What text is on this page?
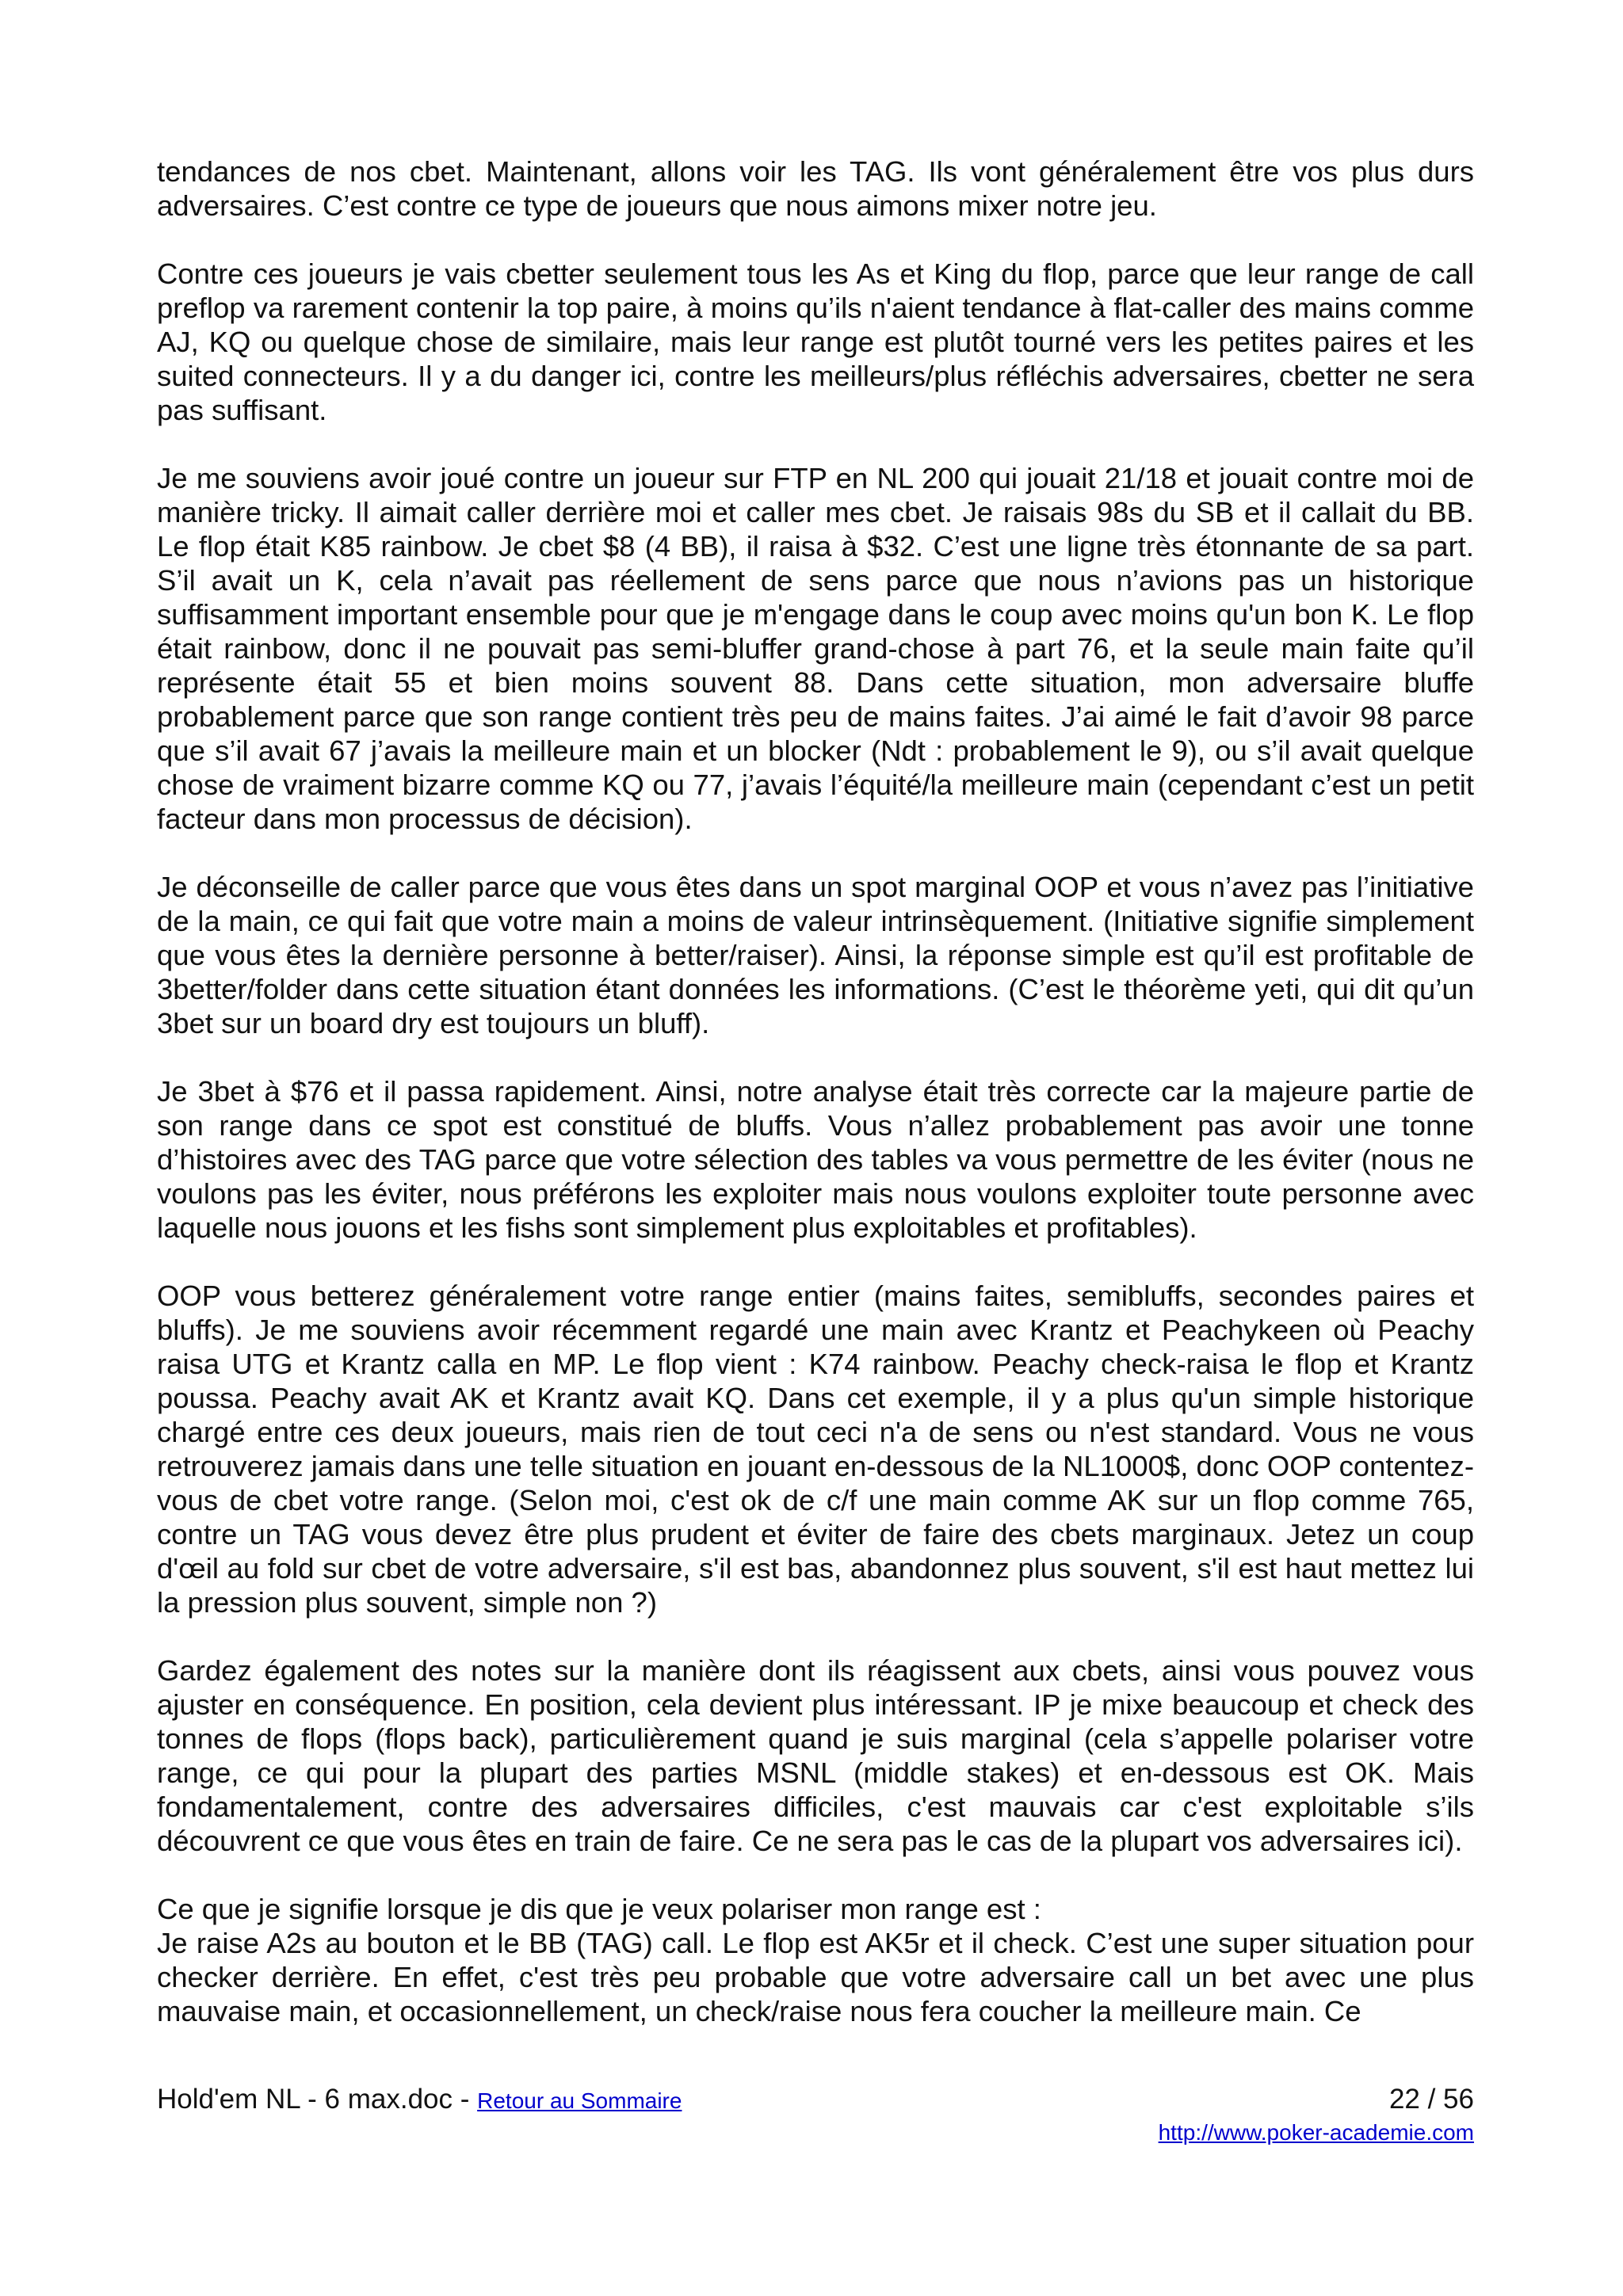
tendances de nos cbet. Maintenant, allons voir les TAG. Ils vont généralement être vos plus durs adversaires. C’est contre ce type de joueurs que nous aimons mixer notre jeu.

Contre ces joueurs je vais cbetter seulement tous les As et King du flop, parce que leur range de call preflop va rarement contenir la top paire, à moins qu’ils n'aient tendance à flat-caller des mains comme AJ, KQ ou quelque chose de similaire, mais leur range est plutôt tourné vers les petites paires et les suited connecteurs. Il y a du danger ici, contre les meilleurs/plus réfléchis adversaires, cbetter ne sera pas suffisant.

Je me souviens avoir joué contre un joueur sur FTP en NL 200 qui jouait 21/18 et jouait contre moi de manière tricky. Il aimait caller derrière moi et caller mes cbet. Je raisais 98s du SB et il callait du BB. Le flop était K85 rainbow. Je cbet $8 (4 BB), il raisa à $32. C’est une ligne très étonnante de sa part. S’il avait un K, cela n’avait pas réellement de sens parce que nous n’avions pas un historique suffisamment important ensemble pour que je m'engage dans le coup avec moins qu'un bon K. Le flop était rainbow, donc il ne pouvait pas semi-bluffer grand-chose à part 76, et la seule main faite qu’il représente était 55 et bien moins souvent 88. Dans cette situation, mon adversaire bluffe probablement parce que son range contient très peu de mains faites. J’ai aimé le fait d’avoir 98 parce que s’il avait 67 j’avais la meilleure main et un blocker (Ndt : probablement le 9), ou s’il avait quelque chose de vraiment bizarre comme KQ ou 77, j’avais l’équité/la meilleure main (cependant c’est un petit facteur dans mon processus de décision).

Je déconseille de caller parce que vous êtes dans un spot marginal OOP et vous n’avez pas l’initiative de la main, ce qui fait que votre main a moins de valeur intrinsèquement. (Initiative signifie simplement que vous êtes la dernière personne à better/raiser). Ainsi, la réponse simple est qu’il est profitable de 3better/folder dans cette situation étant données les informations. (C’est le théorème yeti, qui dit qu’un 3bet sur un board dry est toujours un bluff).

Je 3bet à $76 et il passa rapidement. Ainsi, notre analyse était très correcte car la majeure partie de son range dans ce spot est constitué de bluffs. Vous n’allez probablement pas avoir une tonne d’histoires avec des TAG parce que votre sélection des tables va vous permettre de les éviter (nous ne voulons pas les éviter, nous préférons les exploiter mais nous voulons exploiter toute personne avec laquelle nous jouons et les fishs sont simplement plus exploitables et profitables).

OOP vous betterez généralement votre range entier (mains faites, semibluffs, secondes paires et bluffs). Je me souviens avoir récemment regardé une main avec Krantz et Peachykeen où Peachy raisa UTG et Krantz calla en MP. Le flop vient : K74 rainbow. Peachy check-raisa le flop et Krantz poussa. Peachy avait AK et Krantz avait KQ. Dans cet exemple, il y a plus qu'un simple historique chargé entre ces deux joueurs, mais rien de tout ceci n'a de sens ou n'est standard. Vous ne vous retrouverez jamais dans une telle situation en jouant en-dessous de la NL1000$, donc OOP contentez-vous de cbet votre range. (Selon moi, c'est ok de c/f une main comme AK sur un flop comme 765, contre un TAG vous devez être plus prudent et éviter de faire des cbets marginaux. Jetez un coup d'œil au fold sur cbet de votre adversaire, s'il est bas, abandonnez plus souvent, s'il est haut mettez lui la pression plus souvent, simple non ?)

Gardez également des notes sur la manière dont ils réagissent aux cbets, ainsi vous pouvez vous ajuster en conséquence. En position, cela devient plus intéressant. IP je mixe beaucoup et check des tonnes de flops (flops back), particulièrement quand je suis marginal (cela s’appelle polariser votre range, ce qui pour la plupart des parties MSNL (middle stakes) et en-dessous est OK. Mais fondamentalement, contre des adversaires difficiles, c'est mauvais car c'est exploitable s’ils découvrent ce que vous êtes en train de faire. Ce ne sera pas le cas de la plupart vos adversaires ici).

Ce que je signifie lorsque je dis que je veux polariser mon range est :

Je raise A2s au bouton et le BB (TAG) call. Le flop est AK5r et il check. C’est une super situation pour checker derrière. En effet, c'est très peu probable que votre adversaire call un bet avec une plus mauvaise main, et occasionnellement, un check/raise nous fera coucher la meilleure main. Ce

Hold'em NL - 6 max.doc - Retour au Sommaire	22 / 56
http://www.poker-academie.com
